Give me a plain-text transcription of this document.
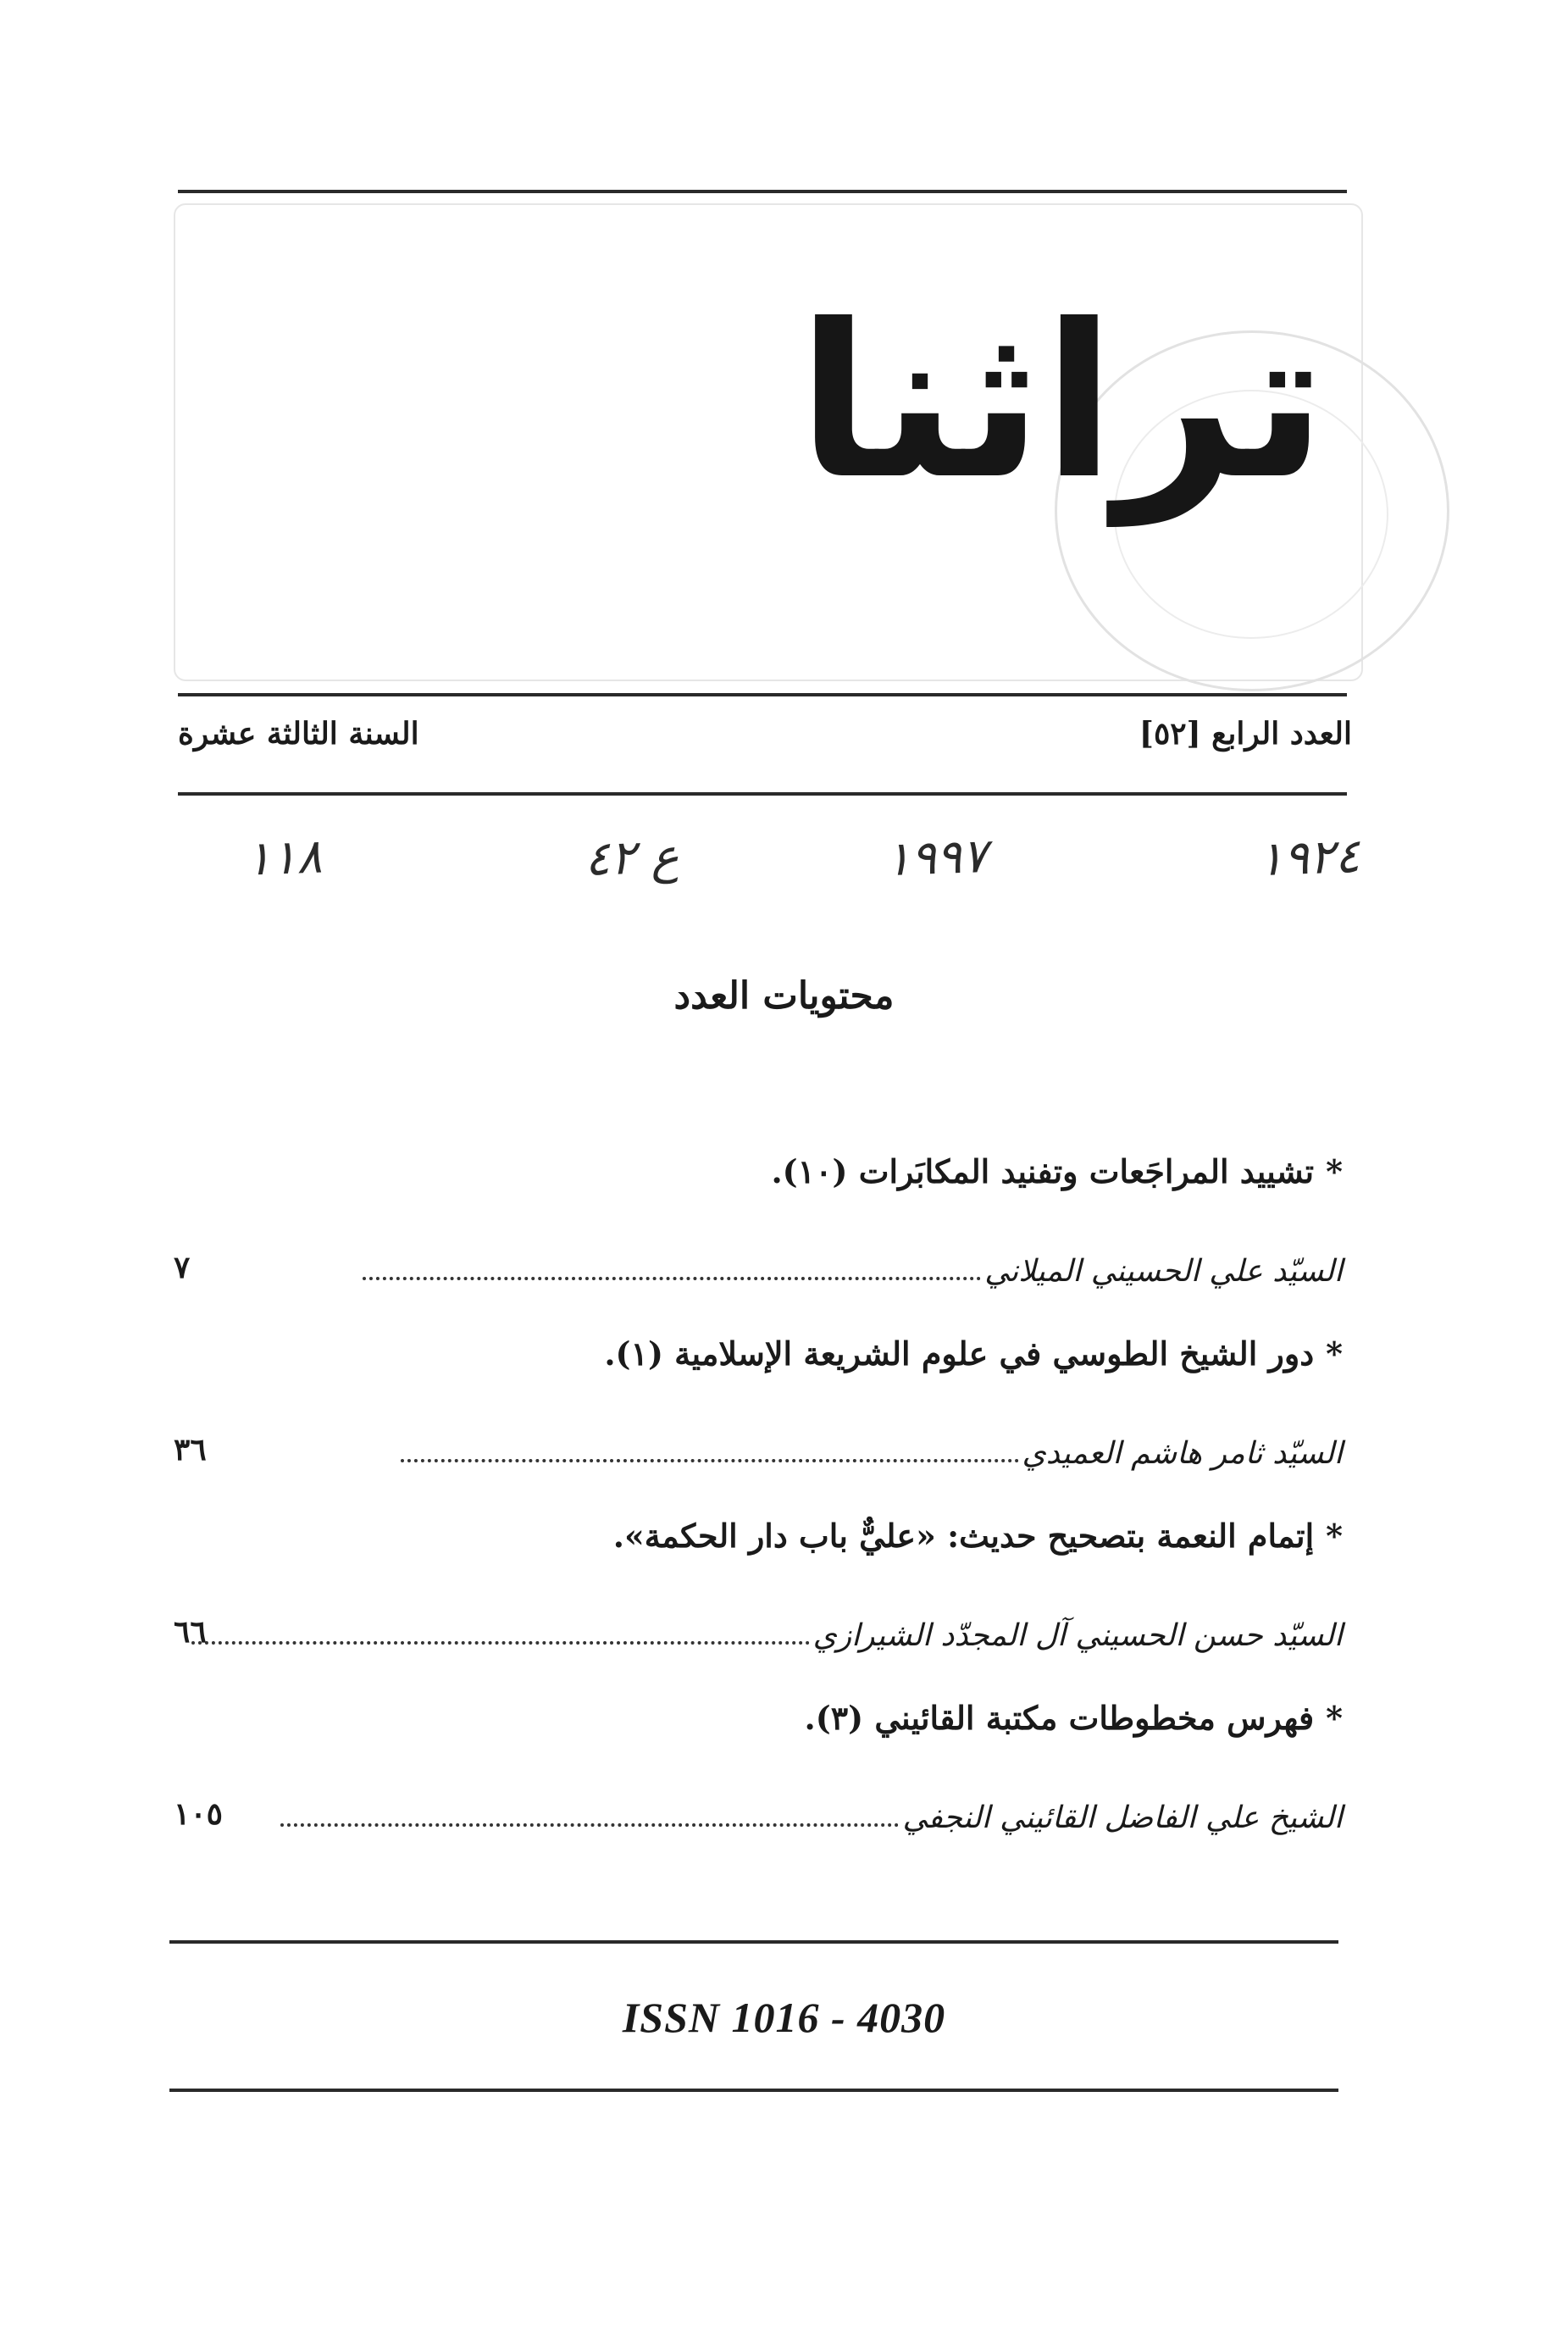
تراثنا
العدد الرابع [٥٢]
السنة الثالثة عشرة
١٩٢٤
١٩٩٧
ع ٤٢
١١٨
محتويات العدد
*تشييد المراجَعات وتفنيد المكابَرات (١٠).
السيّد علي الحسيني الميلاني
٧
*دور الشيخ الطوسي في علوم الشريعة الإسلامية (١).
السيّد ثامر هاشم العميدي
٣٦
*إتمام النعمة بتصحيح حديث: «عليٌّ باب دار الحكمة».
السيّد حسن الحسيني آل المجدّد الشيرازي
٦٦
*فهرس مخطوطات مكتبة القائيني (٣).
الشيخ علي الفاضل القائيني النجفي
١٠٥
ISSN 1016 - 4030
